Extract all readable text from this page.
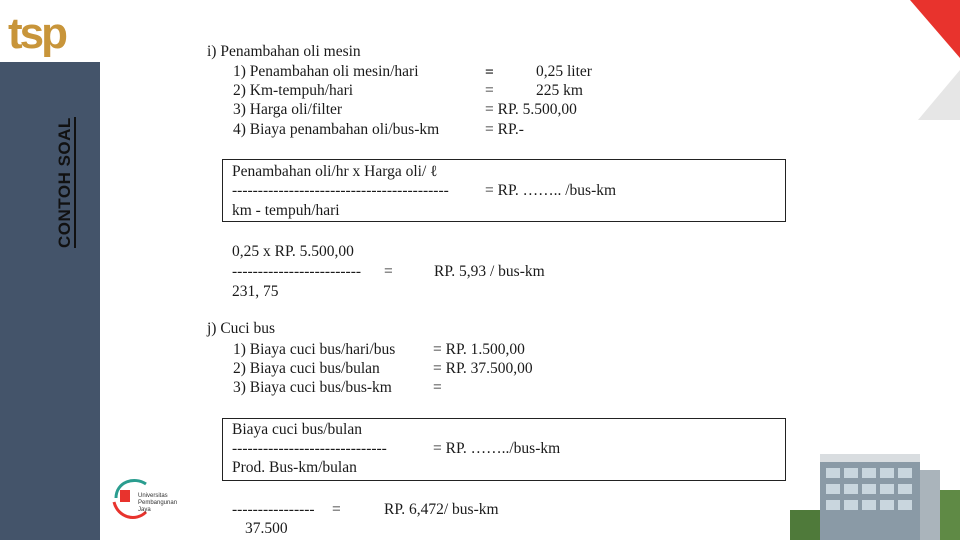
tsp
CONTOH SOAL
i) Penambahan oli mesin
1) Penambahan oli mesin/hari	=	0,25 liter
2) Km-tempuh/hari	=	225 km
3) Harga oli/filter	= RP. 5.500,00
4) Biaya penambahan oli/bus-km	= RP.-
Penambahan oli/hr x Harga oli/ ℓ
------------------------------------------ = RP. …….. /bus-km
km - tempuh/hari
0,25 x RP. 5.500,00
------------------------- =	RP. 5,93 / bus-km
231, 75
j) Cuci bus
1) Biaya cuci bus/hari/bus = RP. 1.500,00
2) Biaya cuci bus/bulan	= RP. 37.500,00
3) Biaya cuci bus/bus-km	=
Biaya cuci bus/bulan
------------------------------	= RP. ……../bus-km
Prod. Bus-km/bulan
---------------- =	RP. 6,472/ bus-km
37.500
Universitas
Pembangunan
Jaya
